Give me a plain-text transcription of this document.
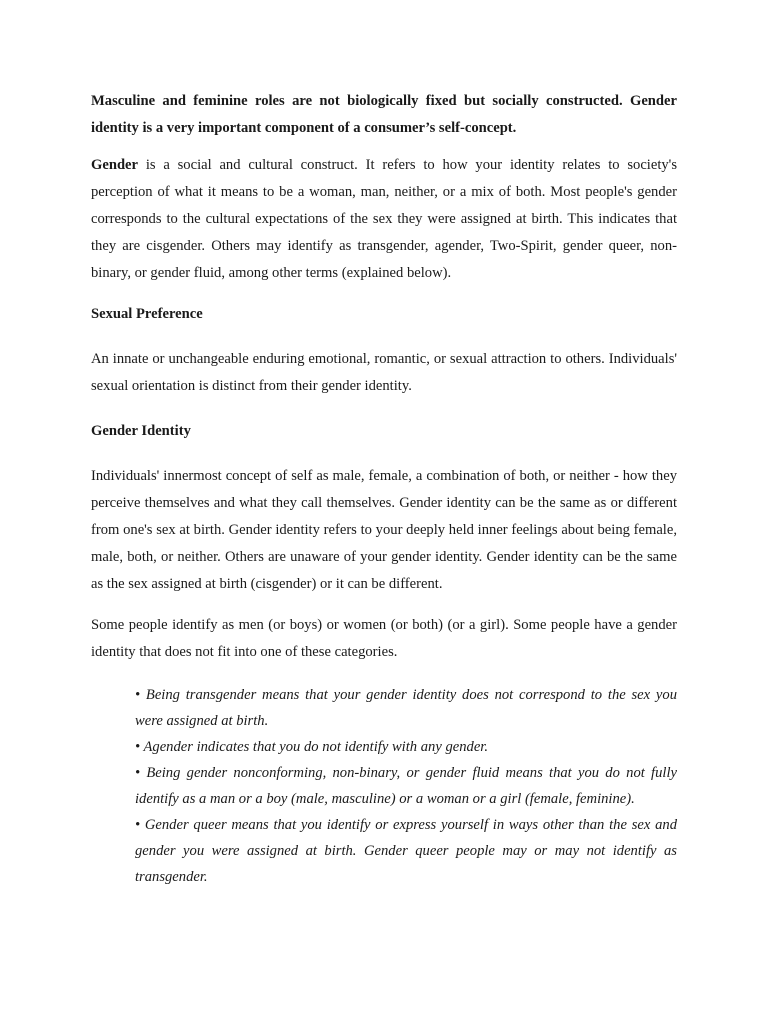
Masculine and feminine roles are not biologically fixed but socially constructed. Gender identity is a very important component of a consumer’s self-concept.

Gender is a social and cultural construct. It refers to how your identity relates to society's perception of what it means to be a woman, man, neither, or a mix of both. Most people's gender corresponds to the cultural expectations of the sex they were assigned at birth. This indicates that they are cisgender. Others may identify as transgender, agender, Two-Spirit, gender queer, non-binary, or gender fluid, among other terms (explained below).

Sexual Preference

An innate or unchangeable enduring emotional, romantic, or sexual attraction to others. Individuals' sexual orientation is distinct from their gender identity.

Gender Identity

Individuals' innermost concept of self as male, female, a combination of both, or neither - how they perceive themselves and what they call themselves. Gender identity can be the same as or different from one's sex at birth. Gender identity refers to your deeply held inner feelings about being female, male, both, or neither. Others are unaware of your gender identity. Gender identity can be the same as the sex assigned at birth (cisgender) or it can be different.

Some people identify as men (or boys) or women (or both) (or a girl). Some people have a gender identity that does not fit into one of these categories.

• Being transgender means that your gender identity does not correspond to the sex you were assigned at birth.
• Agender indicates that you do not identify with any gender.
• Being gender nonconforming, non-binary, or gender fluid means that you do not fully identify as a man or a boy (male, masculine) or a woman or a girl (female, feminine).
• Gender queer means that you identify or express yourself in ways other than the sex and gender you were assigned at birth. Gender queer people may or may not identify as transgender.
